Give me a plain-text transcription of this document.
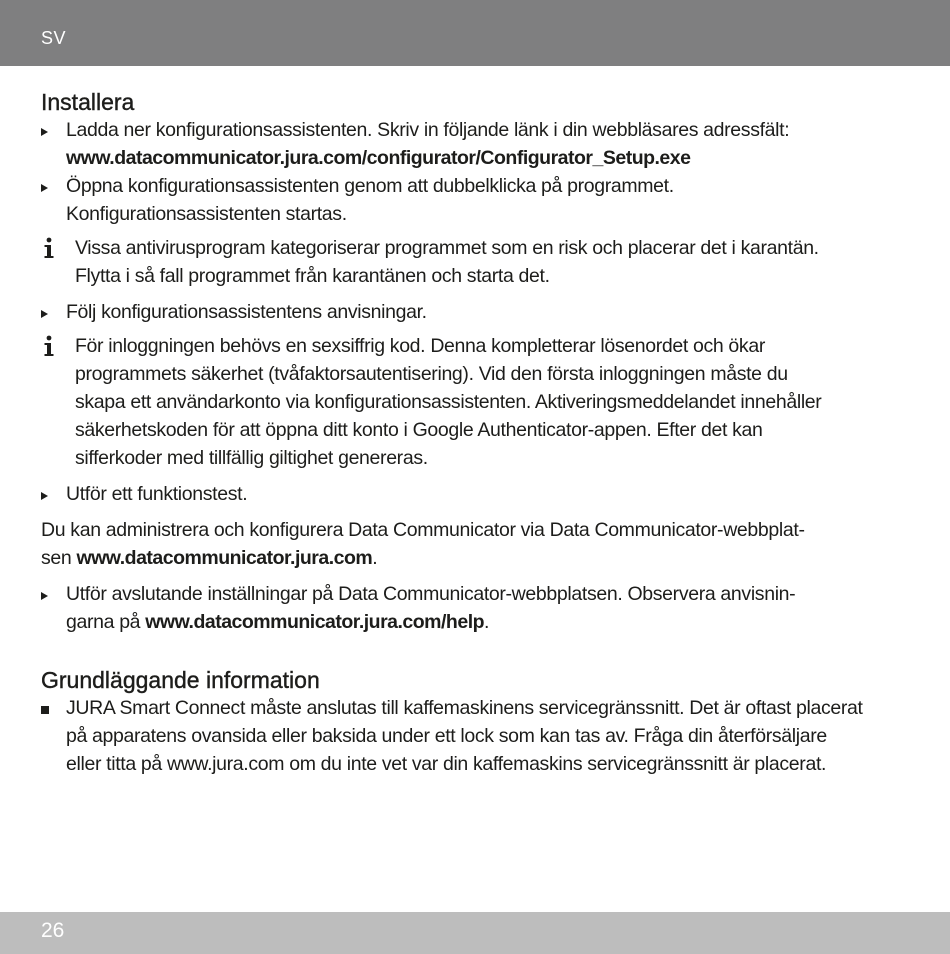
SV
Installera
Ladda ner konfigurationsassistenten. Skriv in följande länk i din webbläsares adressfält:
www.datacommunicator.jura.com/configurator/Configurator_Setup.exe
Öppna konfigurationsassistenten genom att dubbelklicka på programmet.
Konfigurationsassistenten startas.
Vissa antivirusprogram kategoriserar programmet som en risk och placerar det i karantän.
Flytta i så fall programmet från karantänen och starta det.
Följ konfigurationsassistentens anvisningar.
För inloggningen behövs en sexsiffrig kod. Denna kompletterar lösenordet och ökar
programmets säkerhet (tvåfaktorsautentisering). Vid den första inloggningen måste du
skapa ett användarkonto via konfigurationsassistenten. Aktiveringsmeddelandet innehåller
säkerhetskoden för att öppna ditt konto i Google Authenticator-appen. Efter det kan
sifferkoder med tillfällig giltighet genereras.
Utför ett funktionstest.
Du kan administrera och konfigurera Data Communicator via Data Communicator-webbplat-
sen www.datacommunicator.jura.com.
Utför avslutande inställningar på Data Communicator-webbplatsen. Observera anvisnin-
garna på www.datacommunicator.jura.com/help.
Grundläggande information
JURA Smart Connect måste anslutas till kaffemaskinens servicegränssnitt. Det är oftast placerat
på apparatens ovansida eller baksida under ett lock som kan tas av. Fråga din återförsäljare
eller titta på www.jura.com om du inte vet var din kaffemaskins servicegränssnitt är placerat.
26
